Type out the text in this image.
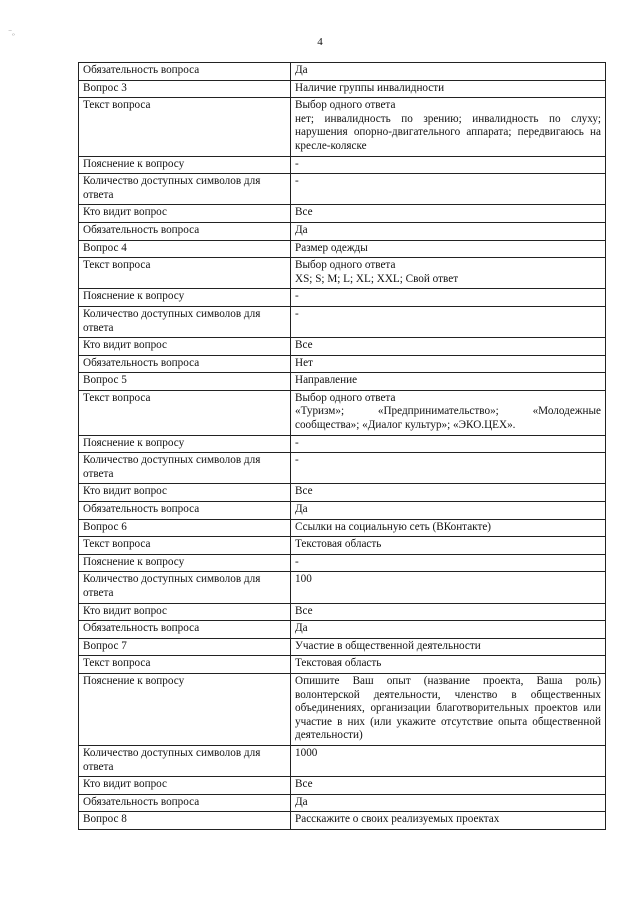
4
⁻ₒ
Обязательность вопроса	Да

Вопрос 3	Наличие группы инвалидности

Текст вопроса	Выбор одного ответа
нет; инвалидность по зрению; инвалидность по слуху; нарушения опорно-двигательного аппарата; передвигаюсь на кресле-коляске

Пояснение к вопросу	-

Количество доступных символов для ответа	-

Кто видит вопрос	Все

Обязательность вопроса	Да

Вопрос 4	Размер одежды

Текст вопроса	Выбор одного ответа
XS; S; M; L; XL; XXL; Свой ответ

Пояснение к вопросу	-

Количество доступных символов для ответа	-

Кто видит вопрос	Все

Обязательность вопроса	Нет

Вопрос 5	Направление

Текст вопроса	Выбор одного ответа
«Туризм»; «Предпринимательство»; «Молодежные сообщества»; «Диалог культур»; «ЭКО.ЦЕХ».

Пояснение к вопросу	-

Количество доступных символов для ответа	-

Кто видит вопрос	Все

Обязательность вопроса	Да

Вопрос 6	Ссылки на социальную сеть (ВКонтакте)

Текст вопроса	Текстовая область

Пояснение к вопросу	-

Количество доступных символов для ответа	100

Кто видит вопрос	Все

Обязательность вопроса	Да

Вопрос 7	Участие в общественной деятельности

Текст вопроса	Текстовая область

Пояснение к вопросу	Опишите Ваш опыт (название проекта, Ваша роль) волонтерской деятельности, членство в общественных объединениях, организации благотворительных проектов или участие в них (или укажите отсутствие опыта общественной деятельности)

Количество доступных символов для ответа	1000

Кто видит вопрос	Все

Обязательность вопроса	Да

Вопрос 8	Расскажите о своих реализуемых проектах
